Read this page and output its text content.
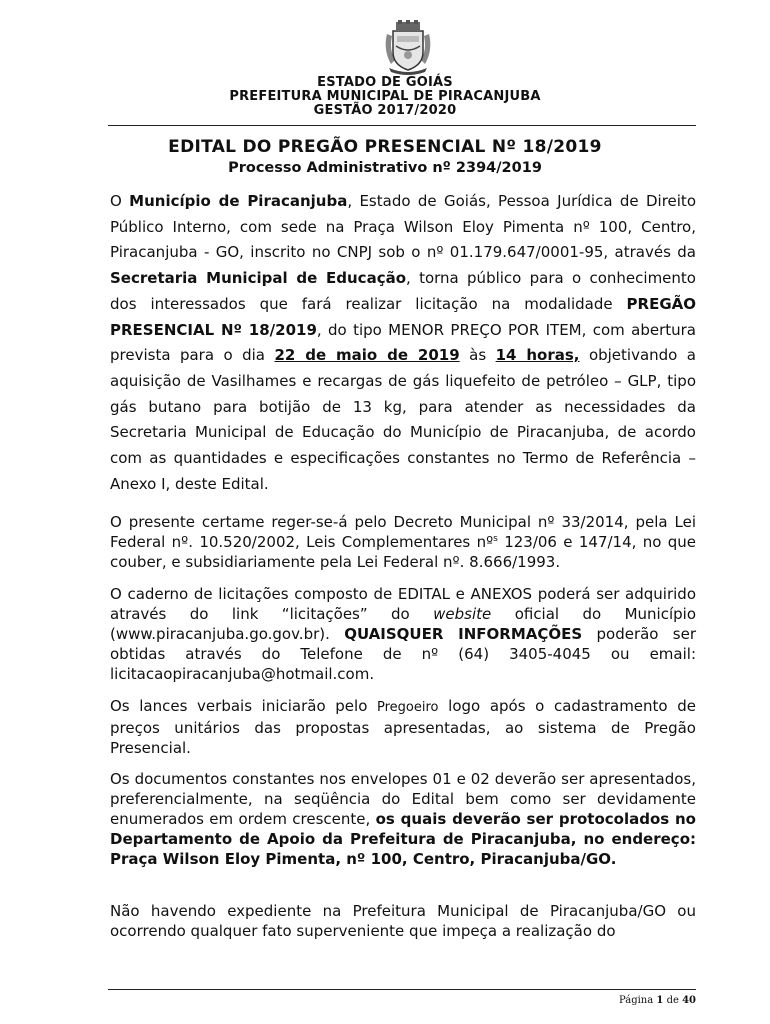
ESTADO DE GOIÁS
PREFEITURA MUNICIPAL DE PIRACANJUBA
GESTÃO 2017/2020
EDITAL DO PREGÃO PRESENCIAL Nº 18/2019
Processo Administrativo nº 2394/2019
O Município de Piracanjuba, Estado de Goiás, Pessoa Jurídica de Direito Público Interno, com sede na Praça Wilson Eloy Pimenta nº 100, Centro, Piracanjuba - GO, inscrito no CNPJ sob o nº 01.179.647/0001-95, através da Secretaria Municipal de Educação, torna público para o conhecimento dos interessados que fará realizar licitação na modalidade PREGÃO PRESENCIAL Nº 18/2019, do tipo MENOR PREÇO POR ITEM, com abertura prevista para o dia 22 de maio de 2019 às 14 horas, objetivando a aquisição de Vasilhames e recargas de gás liquefeito de petróleo – GLP, tipo gás butano para botijão de 13 kg, para atender as necessidades da Secretaria Municipal de Educação do Município de Piracanjuba, de acordo com as quantidades e especificações constantes no Termo de Referência – Anexo I, deste Edital.
O presente certame reger-se-á pelo Decreto Municipal nº 33/2014, pela Lei Federal nº. 10.520/2002, Leis Complementares nº$^s$ 123/06 e 147/14, no que couber, e subsidiariamente pela Lei Federal nº. 8.666/1993.
O caderno de licitações composto de EDITAL e ANEXOS poderá ser adquirido através do link “licitações” do website oficial do Município (www.piracanjuba.go.gov.br). QUAISQUER INFORMAÇÕES poderão ser obtidas através do Telefone de nº (64) 3405-4045 ou email: licitacaopiracanjuba@hotmail.com.
Os lances verbais iniciarão pelo Pregoeiro logo após o cadastramento de preços unitários das propostas apresentadas, ao sistema de Pregão Presencial.
Os documentos constantes nos envelopes 01 e 02 deverão ser apresentados, preferencialmente, na seqüência do Edital bem como ser devidamente enumerados em ordem crescente, os quais deverão ser protocolados no Departamento de Apoio da Prefeitura de Piracanjuba, no endereço: Praça Wilson Eloy Pimenta, nº 100, Centro, Piracanjuba/GO.
Não havendo expediente na Prefeitura Municipal de Piracanjuba/GO ou ocorrendo qualquer fato superveniente que impeça a realização do
Página 1 de 40
